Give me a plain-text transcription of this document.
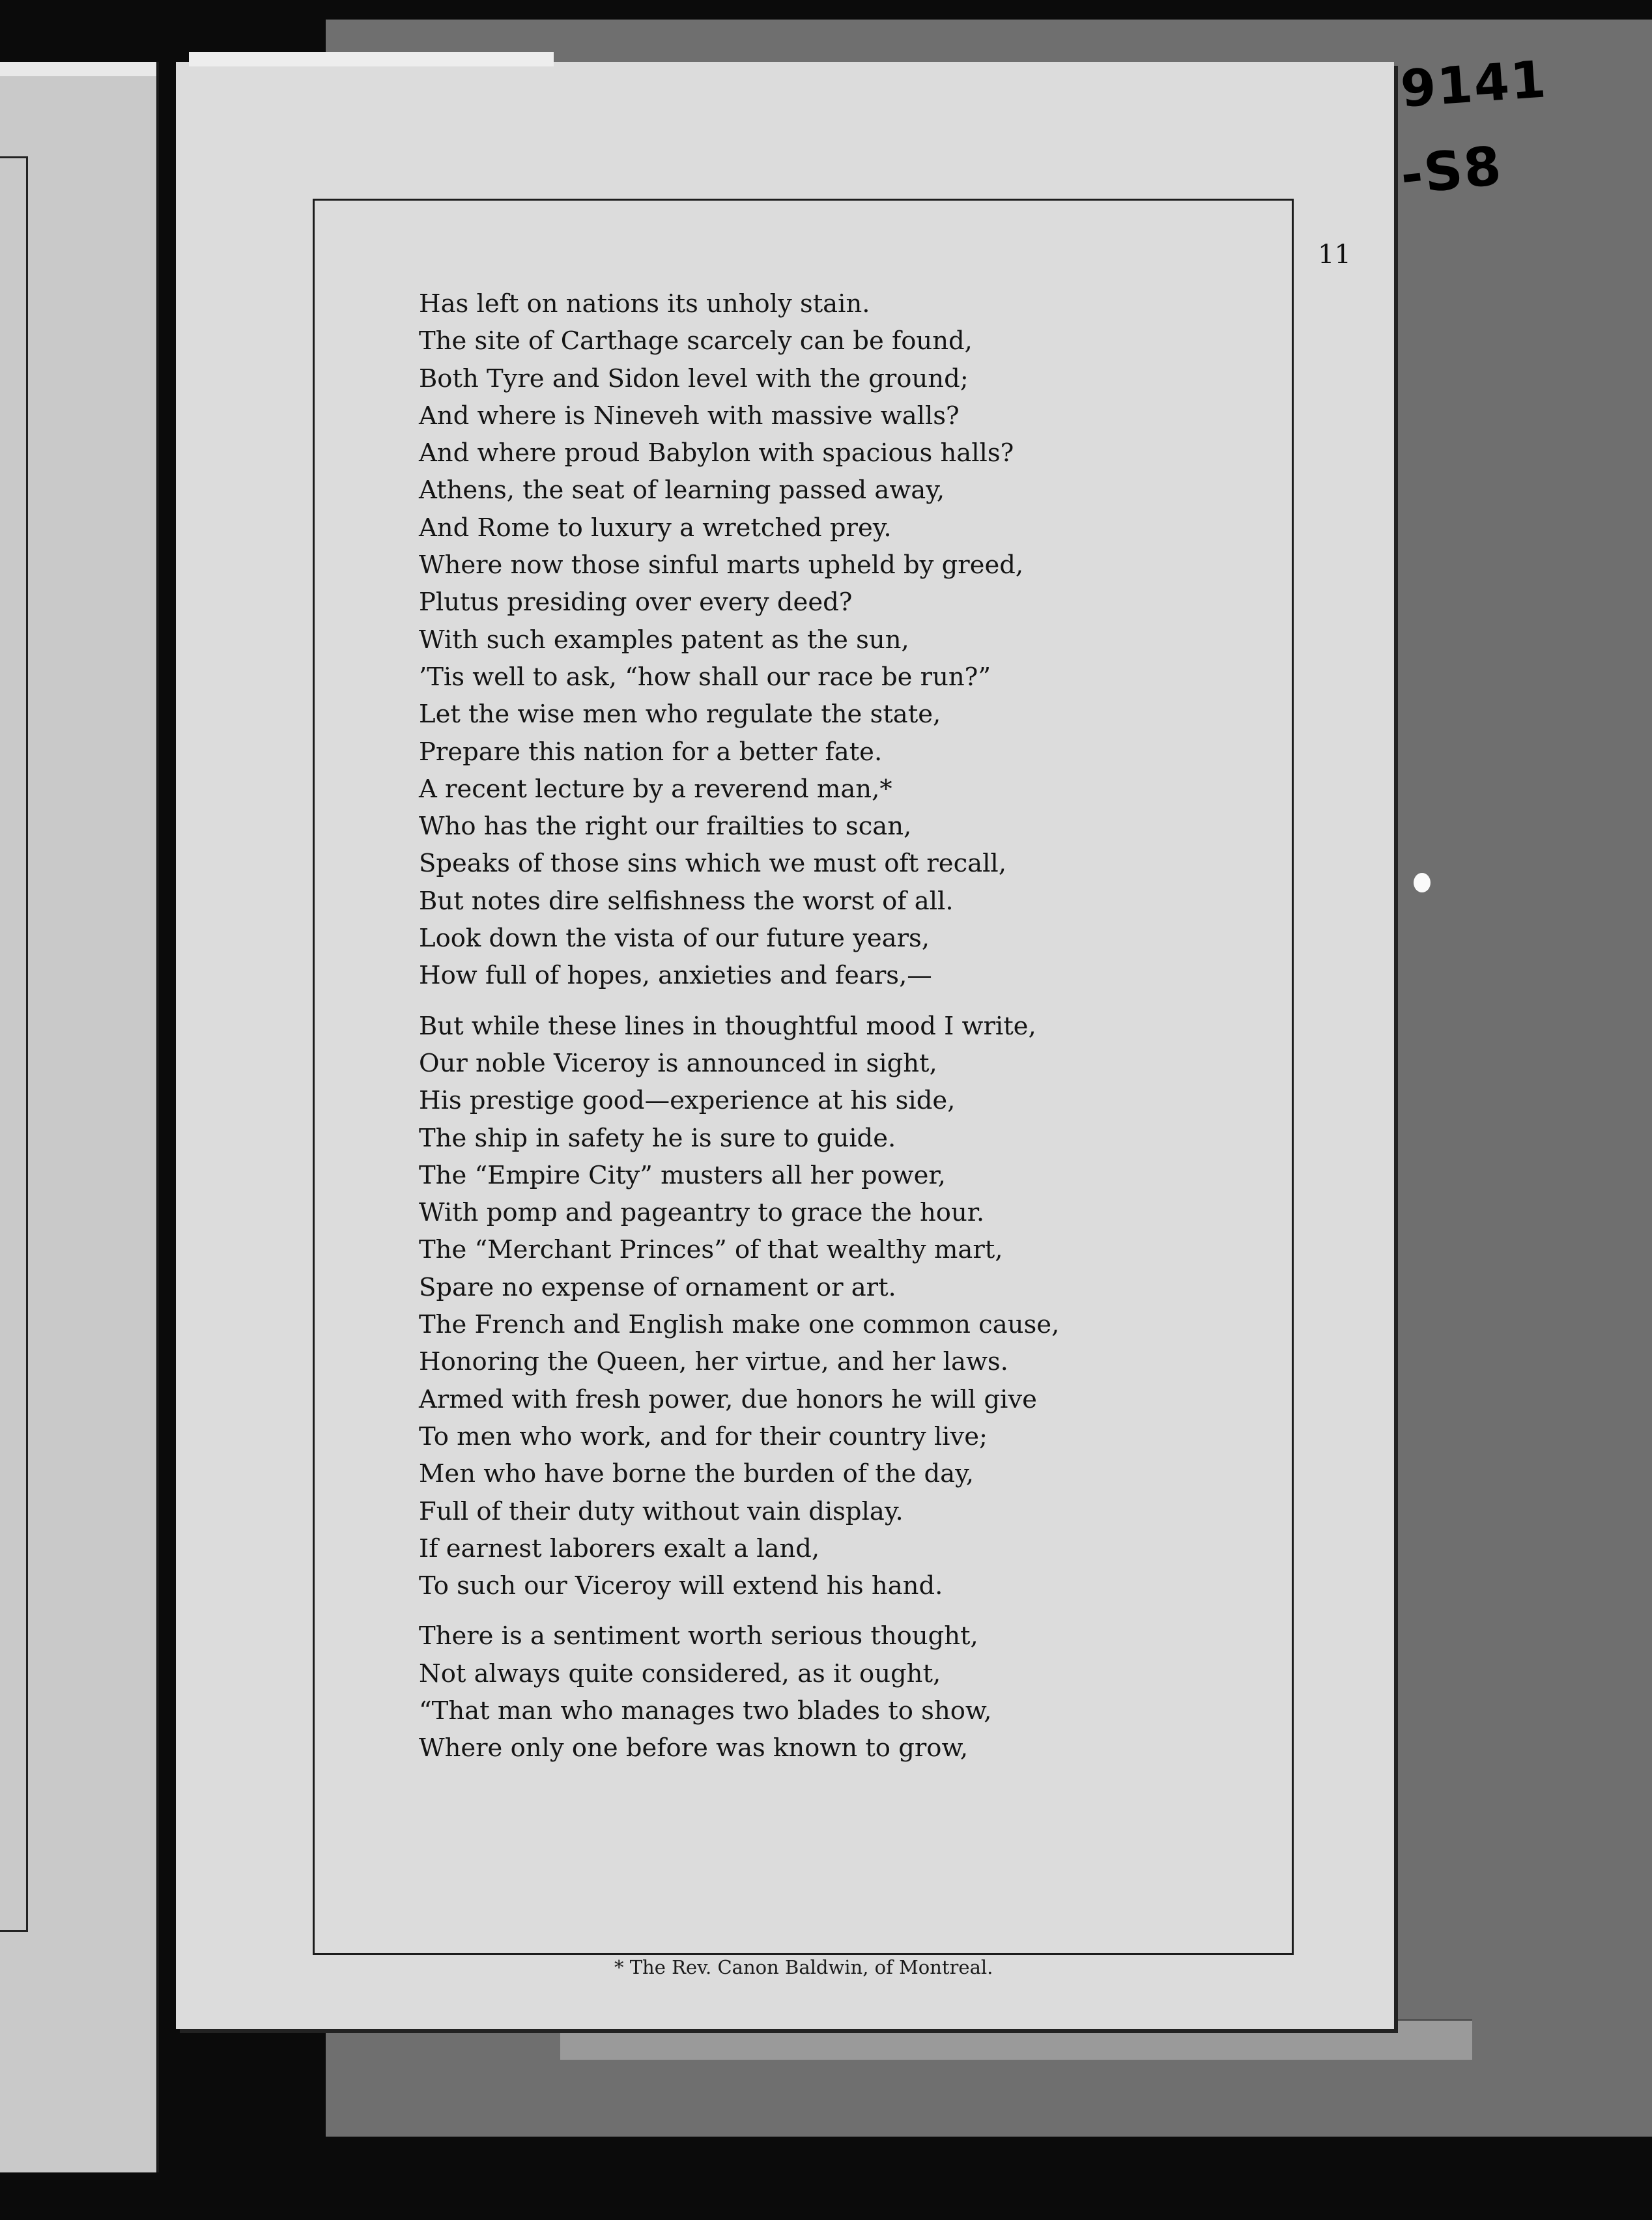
9141
-S8
11
Has left on nations its unholy stain.
The site of Carthage scarcely can be found,
Both Tyre and Sidon level with the ground;
And where is Nineveh with massive walls?
And where proud Babylon with spacious halls?
Athens, the seat of learning passed away,
And Rome to luxury a wretched prey.
Where now those sinful marts upheld by greed,
Plutus presiding over every deed?
With such examples patent as the sun,
’Tis well to ask, “how shall our race be run?”
Let the wise men who regulate the state,
Prepare this nation for a better fate.
A recent lecture by a reverend man,*
Who has the right our frailties to scan,
Speaks of those sins which we must oft recall,
But notes dire selfishness the worst of all.
Look down the vista of our future years,
How full of hopes, anxieties and fears,—
But while these lines in thoughtful mood I write,
Our noble Viceroy is announced in sight,
His prestige good—experience at his side,
The ship in safety he is sure to guide.
The “Empire City” musters all her power,
With pomp and pageantry to grace the hour.
The “Merchant Princes” of that wealthy mart,
Spare no expense of ornament or art.
The French and English make one common cause,
Honoring the Queen, her virtue, and her laws.
Armed with fresh power, due honors he will give
To men who work, and for their country live;
Men who have borne the burden of the day,
Full of their duty without vain display.
If earnest laborers exalt a land,
To such our Viceroy will extend his hand.
There is a sentiment worth serious thought,
Not always quite considered, as it ought,
“That man who manages two blades to show,
Where only one before was known to grow,
* The Rev. Canon Baldwin, of Montreal.
